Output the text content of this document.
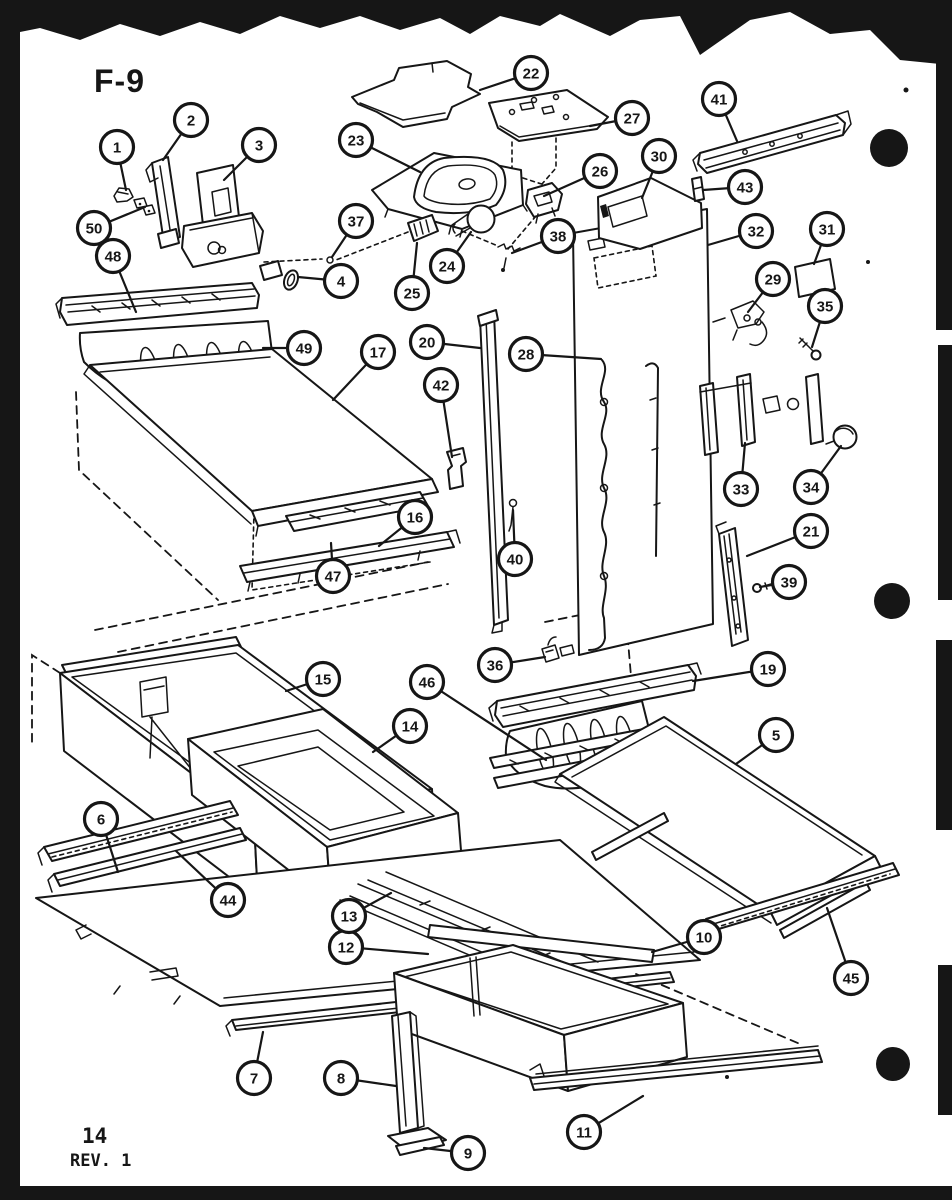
1
2
3
4
5
6
7	8
9
10
11
12
13
14
15
16
17
19
20
21
22
23
24
25
26
27
28
29
30
31
32
33	34
35
36
37
38
39
40
41
42
43
44
45
46
47
48
49
50
F-9
14
REV. 1
